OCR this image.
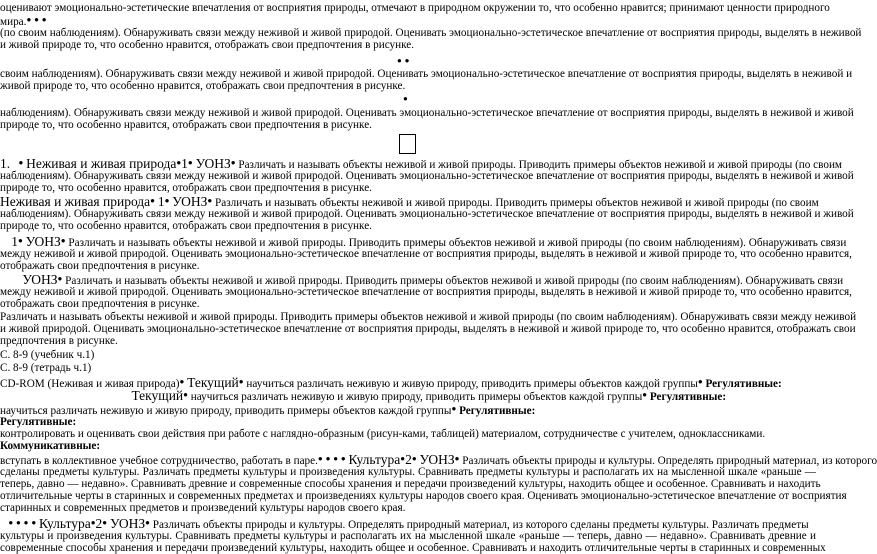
оценивают эмоционально-эстетические впечатления от восприятия природы, отмечают в природном окружении то, что особенно нравится; принимают ценности природного
мира.● ● ●
(по своим наблюдениям). Обнаруживать связи между неживой и живой природой. Оценивать эмоционально-эстетическое впечатление от восприятия природы, выделять в неживой
и живой природе то, что особенно нравится, отображать свои предпочтения в рисунке.
● ●
своим наблюдениям). Обнаруживать связи между неживой и живой природой. Оценивать эмоционально-эстетическое впечатление от восприятия природы, выделять в неживой и
живой природе то, что особенно нравится, отображать свои предпочтения в рисунке.
●
наблюдениям). Обнаруживать связи между неживой и живой природой. Оценивать эмоционально-эстетическое впечатление от восприятия природы, выделять в неживой и живой
природе то, что особенно нравится, отображать свои предпочтения в рисунке.
1. ● Неживая и живая природа●1● УОНЗ● Различать и называть объекты неживой и живой природы. Приводить примеры объектов неживой и живой природы (по своим
наблюдениям). Обнаруживать связи между неживой и живой природой. Оценивать эмоционально-эстетическое впечатление от восприятия природы, выделять в неживой и живой
природе то, что особенно нравится, отображать свои предпочтения в рисунке.
Неживая и живая природа● 1● УОНЗ● Различать и называть объекты неживой и живой природы. Приводить примеры объектов неживой и живой природы (по своим
наблюдениям). Обнаруживать связи между неживой и живой природой. Оценивать эмоционально-эстетическое впечатление от восприятия природы, выделять в неживой и живой
природе то, что особенно нравится, отображать свои предпочтения в рисунке.
1● УОНЗ● Различать и называть объекты неживой и живой природы. Приводить примеры объектов неживой и живой природы (по своим наблюдениям). Обнаруживать связи
между неживой и живой природой. Оценивать эмоционально-эстетическое впечатление от восприятия природы, выделять в неживой и живой природе то, что особенно нравится,
отображать свои предпочтения в рисунке.
УОНЗ● Различать и называть объекты неживой и живой природы. Приводить примеры объектов неживой и живой природы (по своим наблюдениям). Обнаруживать связи
между неживой и живой природой. Оценивать эмоционально-эстетическое впечатление от восприятия природы, выделять в неживой и живой природе то, что особенно нравится,
отображать свои предпочтения в рисунке.
Различать и называть объекты неживой и живой природы. Приводить примеры объектов неживой и живой природы (по своим наблюдениям). Обнаруживать связи между неживой
и живой природой. Оценивать эмоционально-эстетическое впечатление от восприятия природы, выделять в неживой и живой природе то, что особенно нравится, отображать свои
предпочтения в рисунке.
С. 8-9 (учебник ч.1)
С. 8-9 (тетрадь ч.1)
CD-ROM (Неживая и живая природа)● Текущий● научиться различать неживую и живую природу, приводить примеры объектов каждой группы● Регулятивные:
Текущий● научиться различать неживую и живую природу, приводить примеры объектов каждой группы● Регулятивные:
научиться различать неживую и живую природу, приводить примеры объектов каждой группы● Регулятивные:
Регулятивные:
контролировать и оценивать свои действия при работе с наглядно-образным (рисун-ками, таблицей) материалом, сотрудничестве с учителем, одноклассниками.
Коммуникативные:
вступать в коллективное учебное сотрудничество, работать в паре.● ● ● ● Культура●2● УОНЗ● Различать объекты природы и культуры. Определять природный материал, из которого
сделаны предметы культуры. Различать предметы культуры и произведения культуры. Сравнивать предметы культуры и располагать их на мысленной шкале «раньше —
теперь, давно — недавно». Сравнивать древние и современные способы хранения и передачи произведений культуры, находить общее и особенное. Сравнивать и находить
отличительные черты в старинных и современных предметах и произведениях культуры народов своего края. Оценивать эмоционально-эстетическое впечатление от восприятия
старинных и современных предметов и произведений культуры народов своего края.
● ● ● ● Культура●2● УОНЗ● Различать объекты природы и культуры. Определять природный материал, из которого сделаны предметы культуры. Различать предметы
культуры и произведения культуры. Сравнивать предметы культуры и располагать их на мысленной шкале «раньше — теперь, давно — недавно». Сравнивать древние и
современные способы хранения и передачи произведений культуры, находить общее и особенное. Сравнивать и находить отличительные черты в старинных и современных
